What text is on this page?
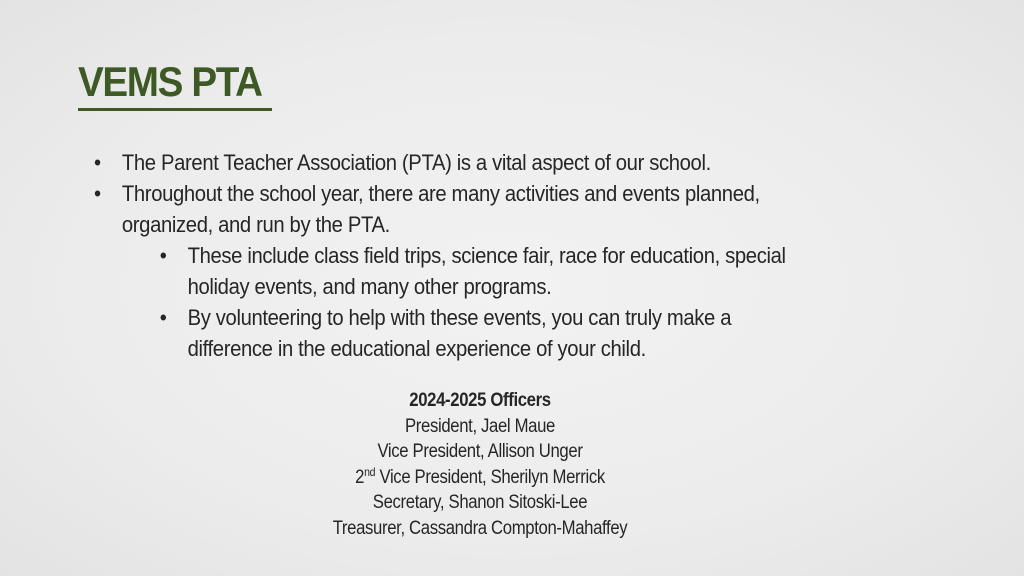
VEMS PTA
• The Parent Teacher Association (PTA) is a vital aspect of our school.
• Throughout the school year, there are many activities and events planned, organized, and run by the PTA.
• These include class field trips, science fair, race for education, special holiday events, and many other programs.
• By volunteering to help with these events, you can truly make a difference in the educational experience of your child.
2024-2025 Officers
President, Jael Maue
Vice President, Allison Unger
2nd Vice President, Sherilyn Merrick
Secretary, Shanon Sitoski-Lee
Treasurer, Cassandra Compton-Mahaffey
